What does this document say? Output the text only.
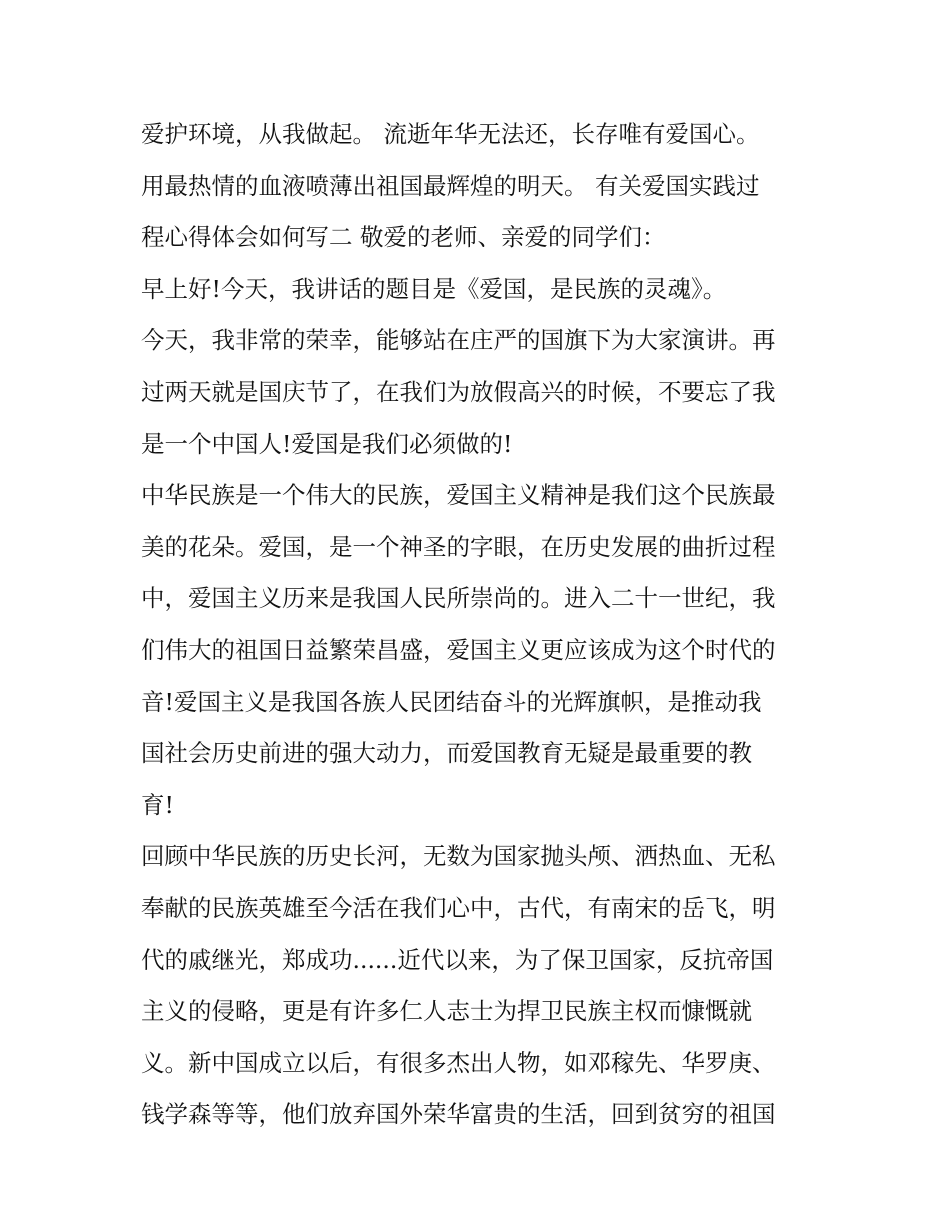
爱护环境，从我做起。 流逝年华无法还，长存唯有爱国心。

用最热情的血液喷薄出祖国最辉煌的明天。 有关爱国实践过

程心得体会如何写二 敬爱的老师、亲爱的同学们：

早上好!今天，我讲话的题目是《爱国，是民族的灵魂》。

今天，我非常的荣幸，能够站在庄严的国旗下为大家演讲。再

过两天就是国庆节了，在我们为放假高兴的时候，不要忘了我

是一个中国人!爱国是我们必须做的!

中华民族是一个伟大的民族，爱国主义精神是我们这个民族最

美的花朵。爱国，是一个神圣的字眼，在历史发展的曲折过程

中，爱国主义历来是我国人民所崇尚的。进入二十一世纪，我

们伟大的祖国日益繁荣昌盛，爱国主义更应该成为这个时代的

音!爱国主义是我国各族人民团结奋斗的光辉旗帜，是推动我

国社会历史前进的强大动力，而爱国教育无疑是最重要的教

育!

回顾中华民族的历史长河，无数为国家抛头颅、洒热血、无私

奉献的民族英雄至今活在我们心中，古代，有南宋的岳飞，明

代的戚继光，郑成功......近代以来，为了保卫国家，反抗帝国

主义的侵略，更是有许多仁人志士为捍卫民族主权而慷慨就

义。新中国成立以后，有很多杰出人物，如邓稼先、华罗庚、

钱学森等等，他们放弃国外荣华富贵的生活，回到贫穷的祖国
